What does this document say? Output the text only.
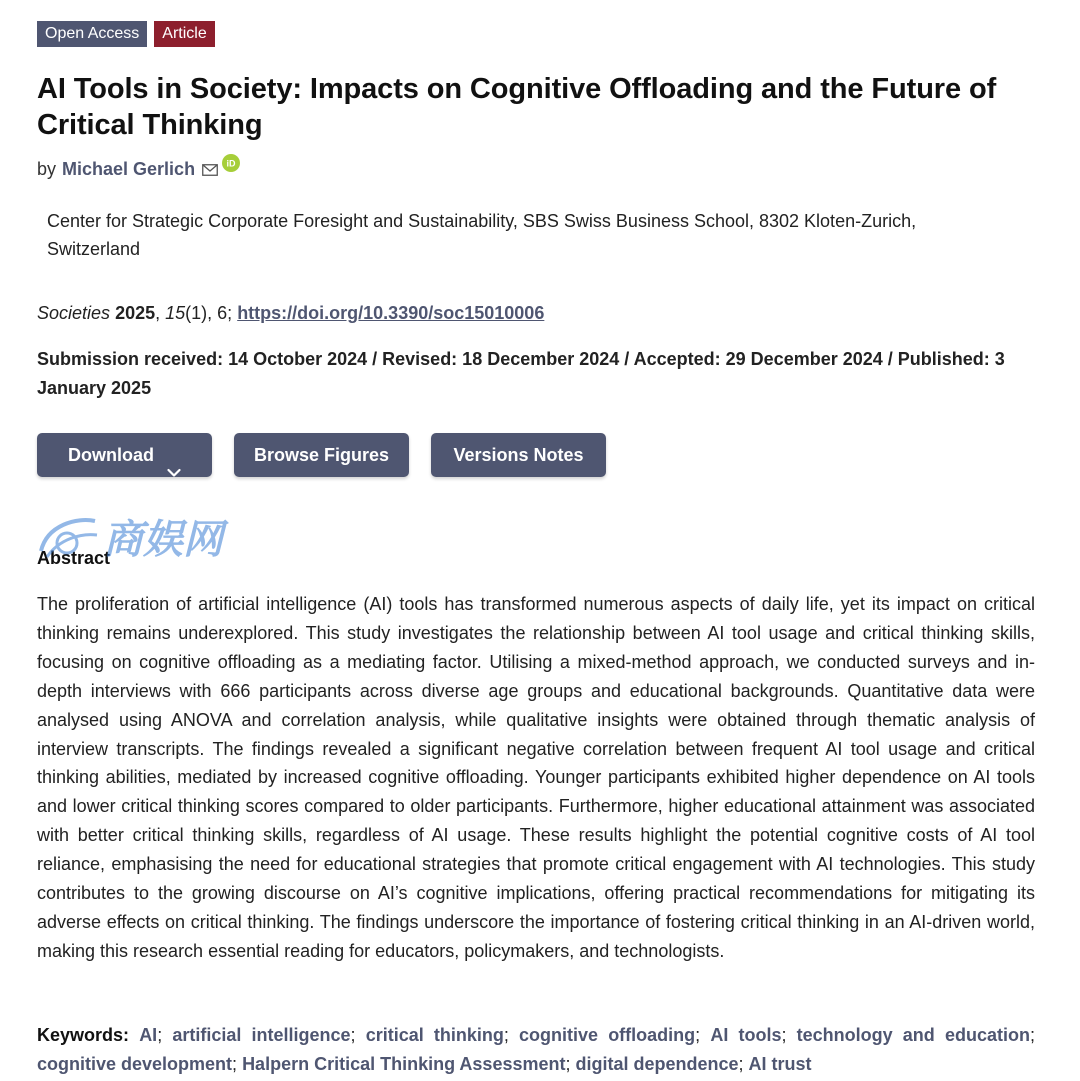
Open Access	Article
AI Tools in Society: Impacts on Cognitive Offloading and the Future of Critical Thinking
by Michael Gerlich	iD
Center for Strategic Corporate Foresight and Sustainability, SBS Swiss Business School, 8302 Kloten-Zurich, Switzerland
Societies 2025, 15(1), 6; https://doi.org/10.3390/soc15010006
Submission received: 14 October 2024 / Revised: 18 December 2024 / Accepted: 29 December 2024 / Published: 3 January 2025
Download	Browse Figures	Versions Notes
Abstract
商娱网
The proliferation of artificial intelligence (AI) tools has transformed numerous aspects of daily life, yet its impact on critical thinking remains underexplored. This study investigates the relationship between AI tool usage and critical thinking skills, focusing on cognitive offloading as a mediating factor. Utilising a mixed-method approach, we conducted surveys and in-depth interviews with 666 participants across diverse age groups and educational backgrounds. Quantitative data were analysed using ANOVA and correlation analysis, while qualitative insights were obtained through thematic analysis of interview transcripts. The findings revealed a significant negative correlation between frequent AI tool usage and critical thinking abilities, mediated by increased cognitive offloading. Younger participants exhibited higher dependence on AI tools and lower critical thinking scores compared to older participants. Furthermore, higher educational attainment was associated with better critical thinking skills, regardless of AI usage. These results highlight the potential cognitive costs of AI tool reliance, emphasising the need for educational strategies that promote critical engagement with AI technologies. This study contributes to the growing discourse on AI’s cognitive implications, offering practical recommendations for mitigating its adverse effects on critical thinking. The findings underscore the importance of fostering critical thinking in an AI-driven world, making this research essential reading for educators, policymakers, and technologists.
Keywords: AI; artificial intelligence; critical thinking; cognitive offloading; AI tools; technology and education; cognitive development; Halpern Critical Thinking Assessment; digital dependence; AI trust
